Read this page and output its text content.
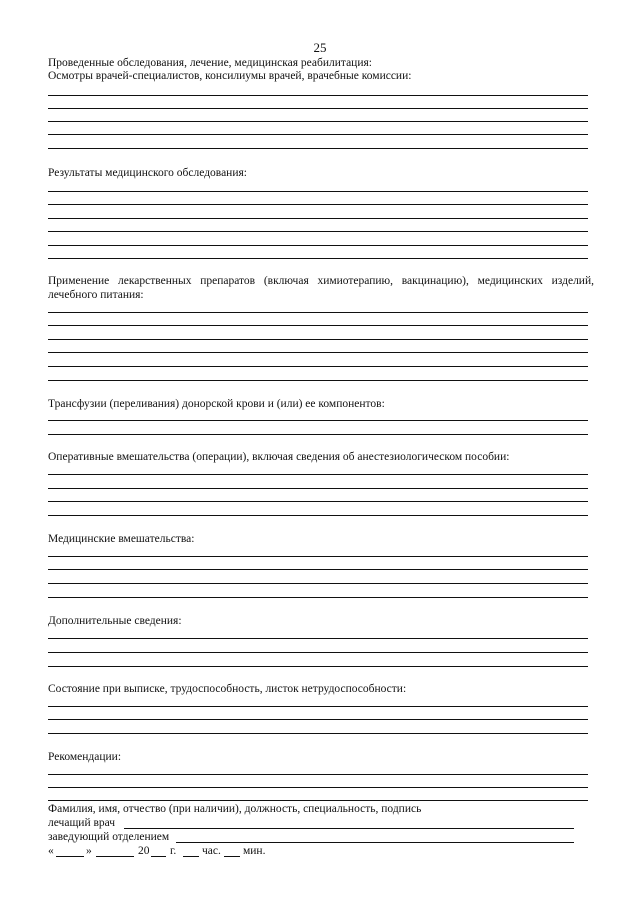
25
Проведенные обследования, лечение, медицинская реабилитация:
Осмотры врачей-специалистов, консилиумы врачей, врачебные комиссии:
Результаты медицинского обследования:
Применение лекарственных препаратов (включая химиотерапию, вакцинацию), медицинских изделий, лечебного питания:
Трансфузии (переливания) донорской крови и (или) ее компонентов:
Оперативные вмешательства (операции), включая сведения об анестезиологическом пособии:
Медицинские вмешательства:
Дополнительные сведения:
Состояние при выписке, трудоспособность, листок нетрудоспособности:
Рекомендации:
Фамилия, имя, отчество (при наличии), должность, специальность, подпись
лечащий врач
заведующий отделением
«	»	20 г. час. мин.
